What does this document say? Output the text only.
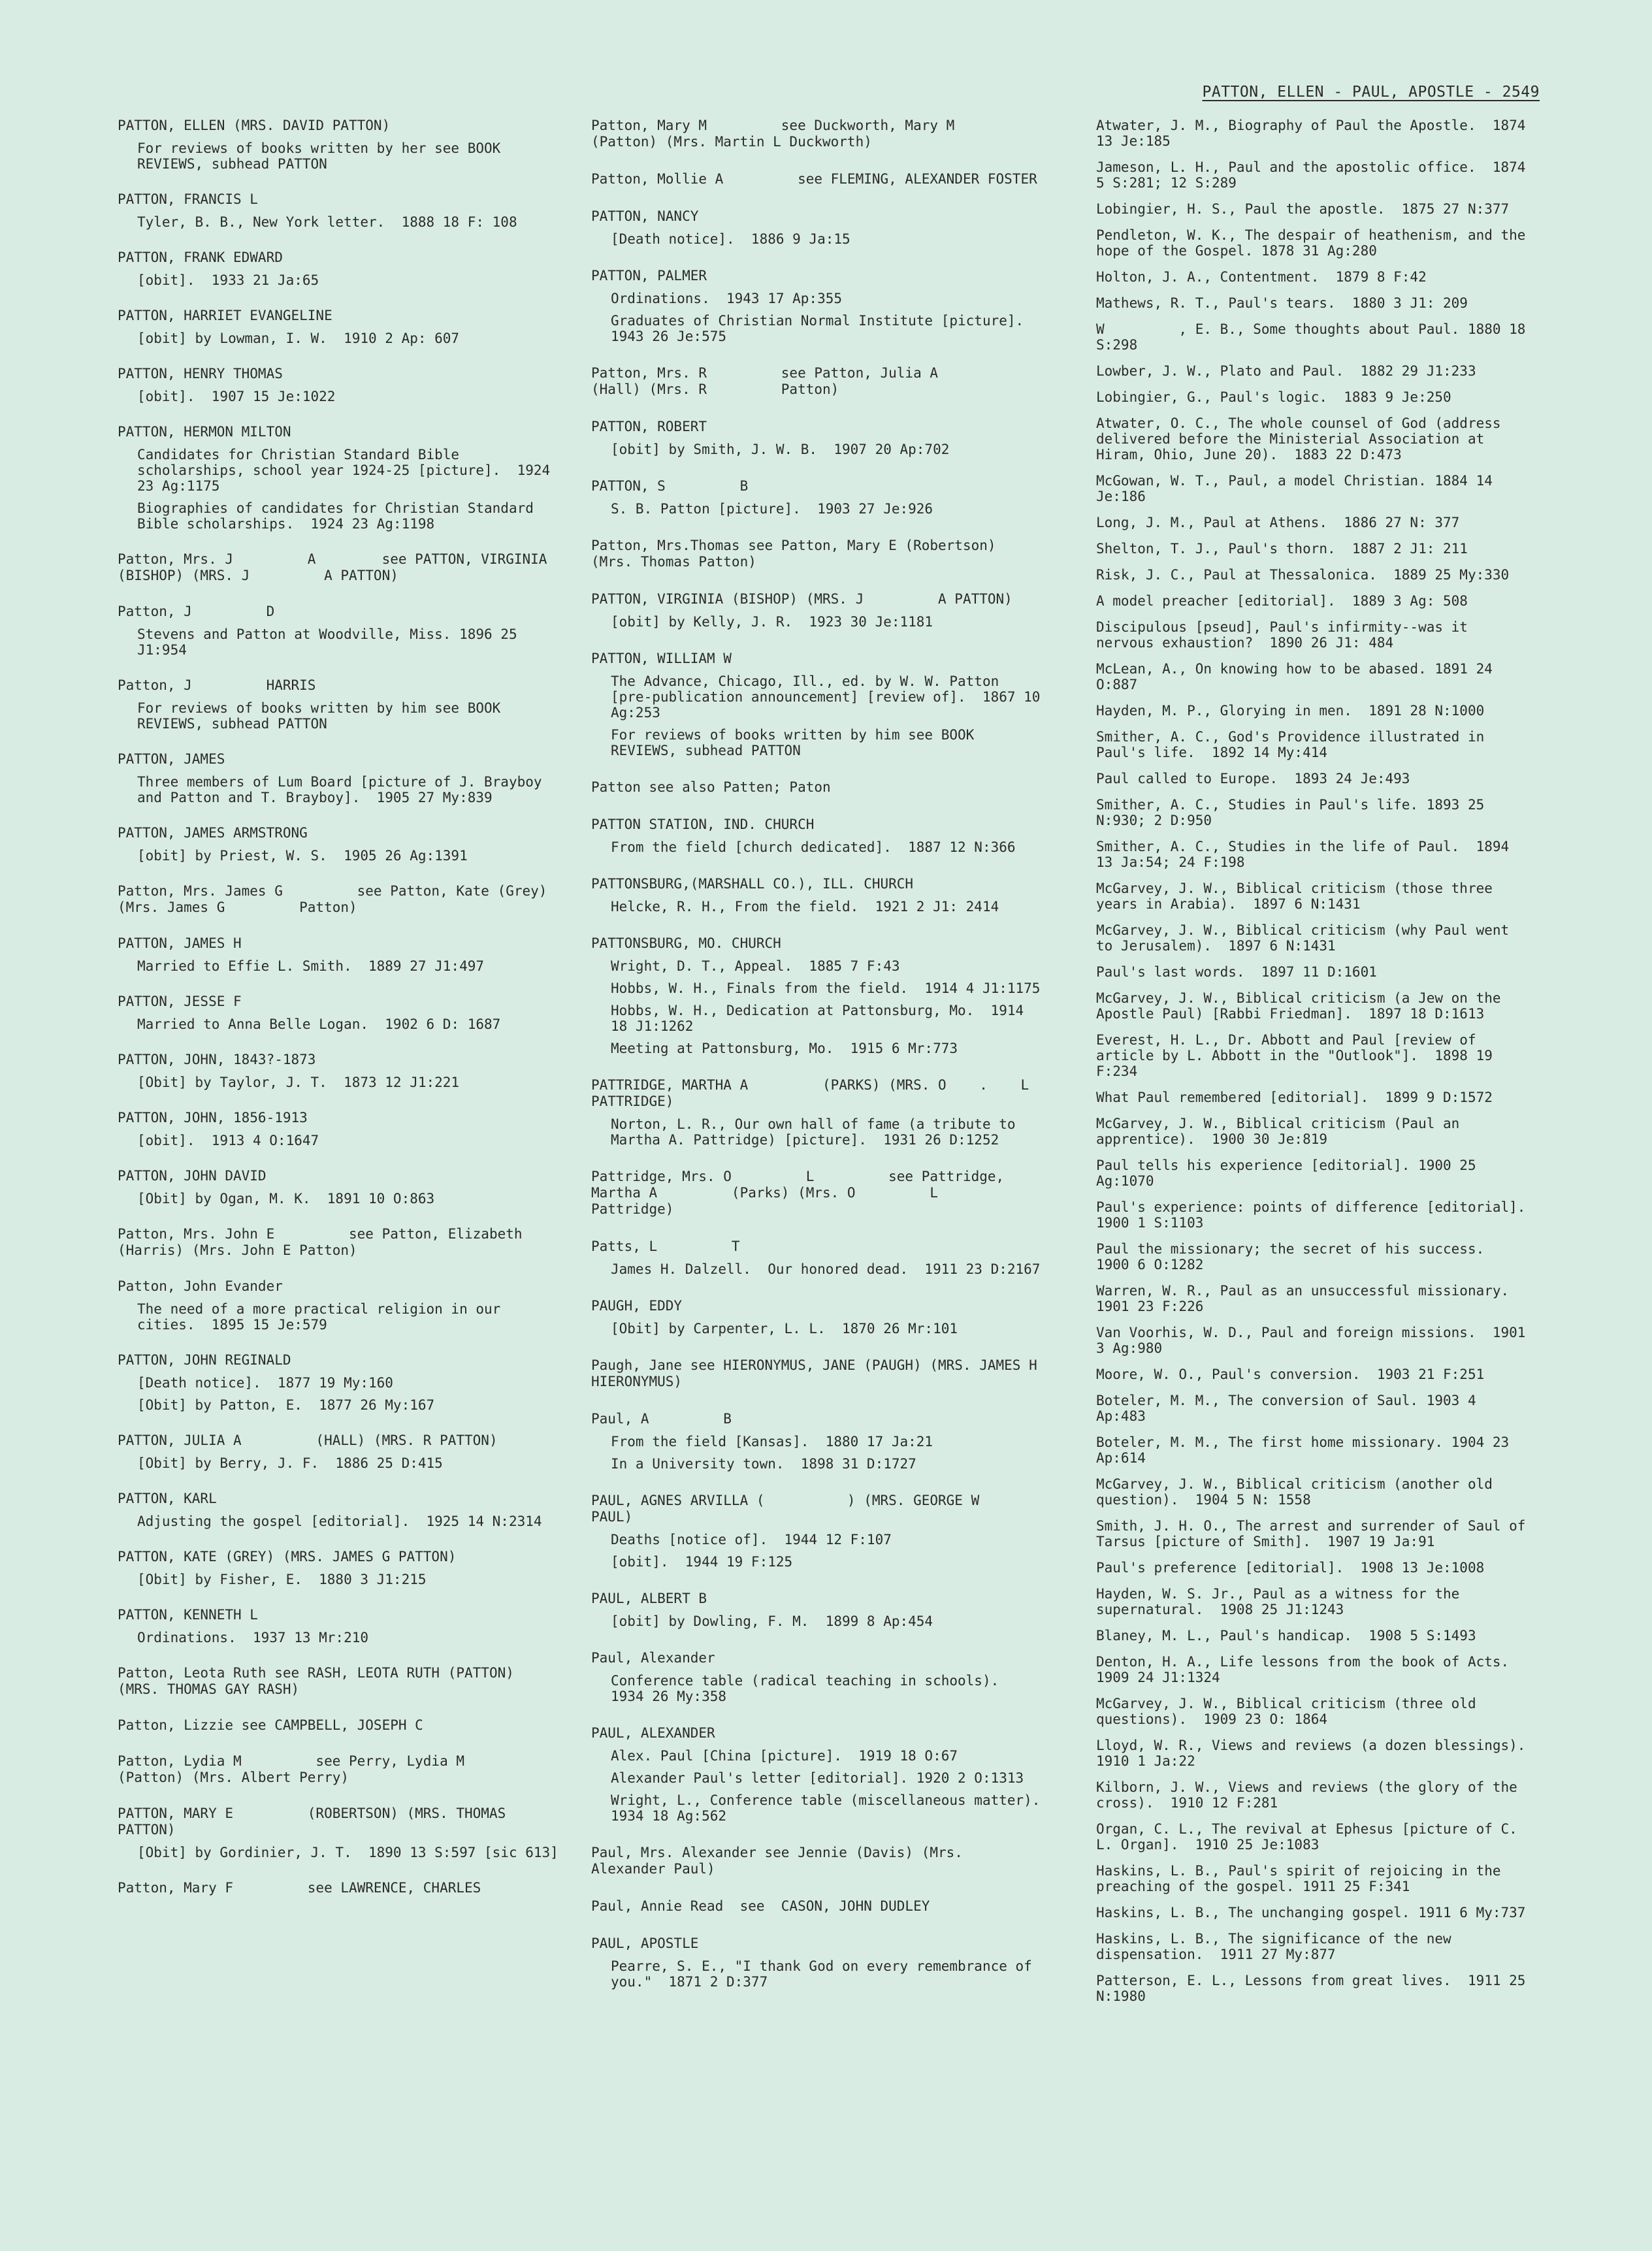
PATTON, ELLEN - PAUL, APOSTLE - 2549
PATTON, ELLEN (MRS. DAVID PATTON)
For reviews of books written by her see BOOK REVIEWS, subhead PATTON
PATTON, FRANCIS L
Tyler, B. B., New York letter.  1888 18 F: 108
PATTON, FRANK EDWARD
[obit].  1933 21 Ja:65
PATTON, HARRIET EVANGELINE
[obit] by Lowman, I. W.  1910 2 Ap: 607
PATTON, HENRY THOMAS
[obit].  1907 15 Je:1022
PATTON, HERMON MILTON
Candidates for Christian Standard Bible scholarships, school year 1924-25 [picture].  1924 23 Ag:1175
Biographies of candidates for Christian Standard Bible scholarships.  1924 23 Ag:1198
Patton, Mrs. J         A        see PATTON, VIRGINIA (BISHOP) (MRS. J         A PATTON)
Patton, J         D
Stevens and Patton at Woodville, Miss. 1896 25 J1:954
Patton, J         HARRIS
For reviews of books written by him see BOOK REVIEWS, subhead PATTON
PATTON, JAMES
Three members of Lum Board [picture of J. Brayboy and Patton and T. Brayboy].  1905 27 My:839
PATTON, JAMES ARMSTRONG
[obit] by Priest, W. S.  1905 26 Ag:1391
Patton, Mrs. James G         see Patton, Kate (Grey) (Mrs. James G         Patton)
PATTON, JAMES H
Married to Effie L. Smith.  1889 27 J1:497
PATTON, JESSE F
Married to Anna Belle Logan.  1902 6 D: 1687
PATTON, JOHN, 1843?-1873
[Obit] by Taylor, J. T.  1873 12 J1:221
PATTON, JOHN, 1856-1913
[obit].  1913 4 O:1647
PATTON, JOHN DAVID
[Obit] by Ogan, M. K.  1891 10 O:863
Patton, Mrs. John E         see Patton, Elizabeth (Harris) (Mrs. John E Patton)
Patton, John Evander
The need of a more practical religion in our cities.  1895 15 Je:579
PATTON, JOHN REGINALD
[Death notice].  1877 19 My:160
[Obit] by Patton, E.  1877 26 My:167
PATTON, JULIA A         (HALL) (MRS. R PATTON)
[Obit] by Berry, J. F.  1886 25 D:415
PATTON, KARL
Adjusting the gospel [editorial].  1925 14 N:2314
PATTON, KATE (GREY) (MRS. JAMES G PATTON)
[Obit] by Fisher, E.  1880 3 J1:215
PATTON, KENNETH L
Ordinations.  1937 13 Mr:210
Patton, Leota Ruth see RASH, LEOTA RUTH (PATTON) (MRS. THOMAS GAY RASH)
Patton, Lizzie see CAMPBELL, JOSEPH C
Patton, Lydia M         see Perry, Lydia M         (Patton) (Mrs. Albert Perry)
PATTON, MARY E         (ROBERTSON) (MRS. THOMAS PATTON)
[Obit] by Gordinier, J. T.  1890 13 S:597 [sic 613]
Patton, Mary F         see LAWRENCE, CHARLES
Patton, Mary M         see Duckworth, Mary M         (Patton) (Mrs. Martin L Duckworth)
Patton, Mollie A         see FLEMING, ALEXANDER FOSTER
PATTON, NANCY
[Death notice].  1886 9 Ja:15
PATTON, PALMER
Ordinations.  1943 17 Ap:355
Graduates of Christian Normal Institute [picture].  1943 26 Je:575
Patton, Mrs. R         see Patton, Julia A         (Hall) (Mrs. R         Patton)
PATTON, ROBERT
[obit] by Smith, J. W. B.  1907 20 Ap:702
PATTON, S         B
S. B. Patton [picture].  1903 27 Je:926
Patton, Mrs.Thomas see Patton, Mary E (Robertson) (Mrs. Thomas Patton)
PATTON, VIRGINIA (BISHOP) (MRS. J         A PATTON)
[obit] by Kelly, J. R.  1923 30 Je:1181
PATTON, WILLIAM W
The Advance, Chicago, Ill., ed. by W. W. Patton [pre-publication announcement] [review of].  1867 10 Ag:253
For reviews of books written by him see BOOK REVIEWS, subhead PATTON
Patton see also Patten; Paton
PATTON STATION, IND. CHURCH
From the field [church dedicated].  1887 12 N:366
PATTONSBURG,(MARSHALL CO.), ILL. CHURCH
Helcke, R. H., From the field.  1921 2 J1: 2414
PATTONSBURG, MO. CHURCH
Wright, D. T., Appeal.  1885 7 F:43
Hobbs, W. H., Finals from the field.  1914 4 J1:1175
Hobbs, W. H., Dedication at Pattonsburg, Mo.  1914 18 J1:1262
Meeting at Pattonsburg, Mo.  1915 6 Mr:773
PATTRIDGE, MARTHA A         (PARKS) (MRS. O    .    L         PATTRIDGE)
Norton, L. R., Our own hall of fame (a tribute to Martha A. Pattridge) [picture].  1931 26 D:1252
Pattridge, Mrs. O         L         see Pattridge, Martha A         (Parks) (Mrs. O         L         Pattridge)
Patts, L         T
James H. Dalzell.  Our honored dead.  1911 23 D:2167
PAUGH, EDDY
[Obit] by Carpenter, L. L.  1870 26 Mr:101
Paugh, Jane see HIERONYMUS, JANE (PAUGH) (MRS. JAMES H         HIERONYMUS)
Paul, A         B
From the field [Kansas].  1880 17 Ja:21
In a University town.  1898 31 D:1727
PAUL, AGNES ARVILLA (          ) (MRS. GEORGE W         PAUL)
Deaths [notice of].  1944 12 F:107
[obit].  1944 19 F:125
PAUL, ALBERT B
[obit] by Dowling, F. M.  1899 8 Ap:454
Paul, Alexander
Conference table (radical teaching in schools).  1934 26 My:358
PAUL, ALEXANDER
Alex. Paul [China [picture].  1919 18 O:67
Alexander Paul's letter [editorial]. 1920 2 O:1313
Wright, L., Conference table (miscellaneous matter).  1934 18 Ag:562
Paul, Mrs. Alexander see Jennie (Davis) (Mrs. Alexander Paul)
Paul, Annie Read  see  CASON, JOHN DUDLEY
PAUL, APOSTLE
Pearre, S. E., "I thank God on every remembrance of you."  1871 2 D:377
Atwater, J. M., Biography of Paul the Apostle.  1874 13 Je:185
Jameson, L. H., Paul and the apostolic office.  1874 5 S:281; 12 S:289
Lobingier, H. S., Paul the apostle.  1875 27 N:377
Pendleton, W. K., The despair of heathenism, and the hope of the Gospel. 1878 31 Ag:280
Holton, J. A., Contentment.  1879 8 F:42
Mathews, R. T., Paul's tears.  1880 3 J1: 209
W         , E. B., Some thoughts about Paul. 1880 18 S:298
Lowber, J. W., Plato and Paul.  1882 29 J1:233
Lobingier, G., Paul's logic.  1883 9 Je:250
Atwater, O. C., The whole counsel of God (address delivered before the Ministerial Association at Hiram, Ohio, June 20).  1883 22 D:473
McGowan, W. T., Paul, a model Christian. 1884 14 Je:186
Long, J. M., Paul at Athens.  1886 27 N: 377
Shelton, T. J., Paul's thorn.  1887 2 J1: 211
Risk, J. C., Paul at Thessalonica.  1889 25 My:330
A model preacher [editorial].  1889 3 Ag: 508
Discipulous [pseud], Paul's infirmity--was it nervous exhaustion?  1890 26 J1: 484
McLean, A., On knowing how to be abased. 1891 24 O:887
Hayden, M. P., Glorying in men.  1891 28 N:1000
Smither, A. C., God's Providence illustrated in Paul's life.  1892 14 My:414
Paul called to Europe.  1893 24 Je:493
Smither, A. C., Studies in Paul's life. 1893 25 N:930; 2 D:950
Smither, A. C., Studies in the life of Paul.  1894 13 Ja:54; 24 F:198
McGarvey, J. W., Biblical criticism (those three years in Arabia).  1897 6 N:1431
McGarvey, J. W., Biblical criticism (why Paul went to Jerusalem).  1897 6 N:1431
Paul's last words.  1897 11 D:1601
McGarvey, J. W., Biblical criticism (a Jew on the Apostle Paul) [Rabbi Friedman].  1897 18 D:1613
Everest, H. L., Dr. Abbott and Paul [review of article by L. Abbott in the "Outlook"].  1898 19 F:234
What Paul remembered [editorial].  1899 9 D:1572
McGarvey, J. W., Biblical criticism (Paul an apprentice).  1900 30 Je:819
Paul tells his experience [editorial]. 1900 25 Ag:1070
Paul's experience: points of difference [editorial].  1900 1 S:1103
Paul the missionary; the secret of his success.  1900 6 O:1282
Warren, W. R., Paul as an unsuccessful missionary.  1901 23 F:226
Van Voorhis, W. D., Paul and foreign missions.  1901 3 Ag:980
Moore, W. O., Paul's conversion.  1903 21 F:251
Boteler, M. M., The conversion of Saul. 1903 4 Ap:483
Boteler, M. M., The first home missionary. 1904 23 Ap:614
McGarvey, J. W., Biblical criticism (another old question).  1904 5 N: 1558
Smith, J. H. O., The arrest and surrender of Saul of Tarsus [picture of Smith].  1907 19 Ja:91
Paul's preference [editorial].  1908 13 Je:1008
Hayden, W. S. Jr., Paul as a witness for the supernatural.  1908 25 J1:1243
Blaney, M. L., Paul's handicap.  1908 5 S:1493
Denton, H. A., Life lessons from the book of Acts.  1909 24 J1:1324
McGarvey, J. W., Biblical criticism (three old questions).  1909 23 O: 1864
Lloyd, W. R., Views and reviews (a dozen blessings).  1910 1 Ja:22
Kilborn, J. W., Views and reviews (the glory of the cross).  1910 12 F:281
Organ, C. L., The revival at Ephesus [picture of C. L. Organ].  1910 25 Je:1083
Haskins, L. B., Paul's spirit of rejoicing in the preaching of the gospel. 1911 25 F:341
Haskins, L. B., The unchanging gospel. 1911 6 My:737
Haskins, L. B., The significance of the new dispensation.  1911 27 My:877
Patterson, E. L., Lessons from great lives.  1911 25 N:1980
